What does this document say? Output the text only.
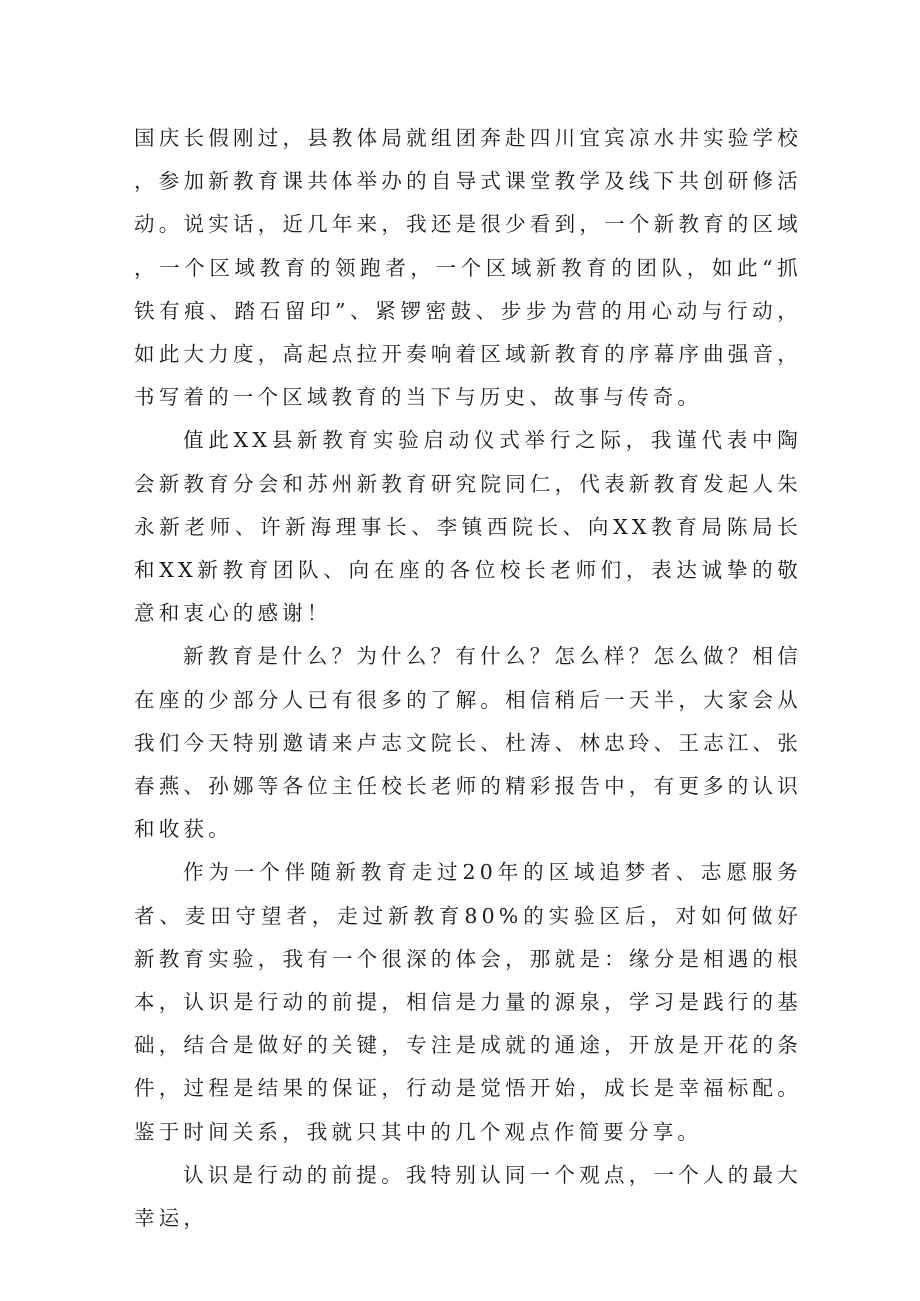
国庆长假刚过，县教体局就组团奔赴四川宜宾凉水井实验学校，参加新教育课共体举办的自导式课堂教学及线下共创研修活动。说实话，近几年来，我还是很少看到，一个新教育的区域，一个区域教育的领跑者，一个区域新教育的团队，如此“抓铁有痕、踏石留印”、紧锣密鼓、步步为营的用心动与行动，如此大力度，高起点拉开奏响着区域新教育的序幕序曲强音，书写着的一个区域教育的当下与历史、故事与传奇。

值此XX县新教育实验启动仪式举行之际，我谨代表中陶会新教育分会和苏州新教育研究院同仁，代表新教育发起人朱永新老师、许新海理事长、李镇西院长、向XX教育局陈局长和XX新教育团队、向在座的各位校长老师们，表达诚挚的敬意和衷心的感谢！

新教育是什么？为什么？有什么？怎么样？怎么做？相信在座的少部分人已有很多的了解。相信稍后一天半，大家会从我们今天特别邀请来卢志文院长、杜涛、林忠玲、王志江、张春燕、孙娜等各位主任校长老师的精彩报告中，有更多的认识和收获。

作为一个伴随新教育走过20年的区域追梦者、志愿服务者、麦田守望者，走过新教育80%的实验区后，对如何做好新教育实验，我有一个很深的体会，那就是：缘分是相遇的根本，认识是行动的前提，相信是力量的源泉，学习是践行的基础，结合是做好的关键，专注是成就的通途，开放是开花的条件，过程是结果的保证，行动是觉悟开始，成长是幸福标配。鉴于时间关系，我就只其中的几个观点作简要分享。

认识是行动的前提。我特别认同一个观点，一个人的最大幸运，
